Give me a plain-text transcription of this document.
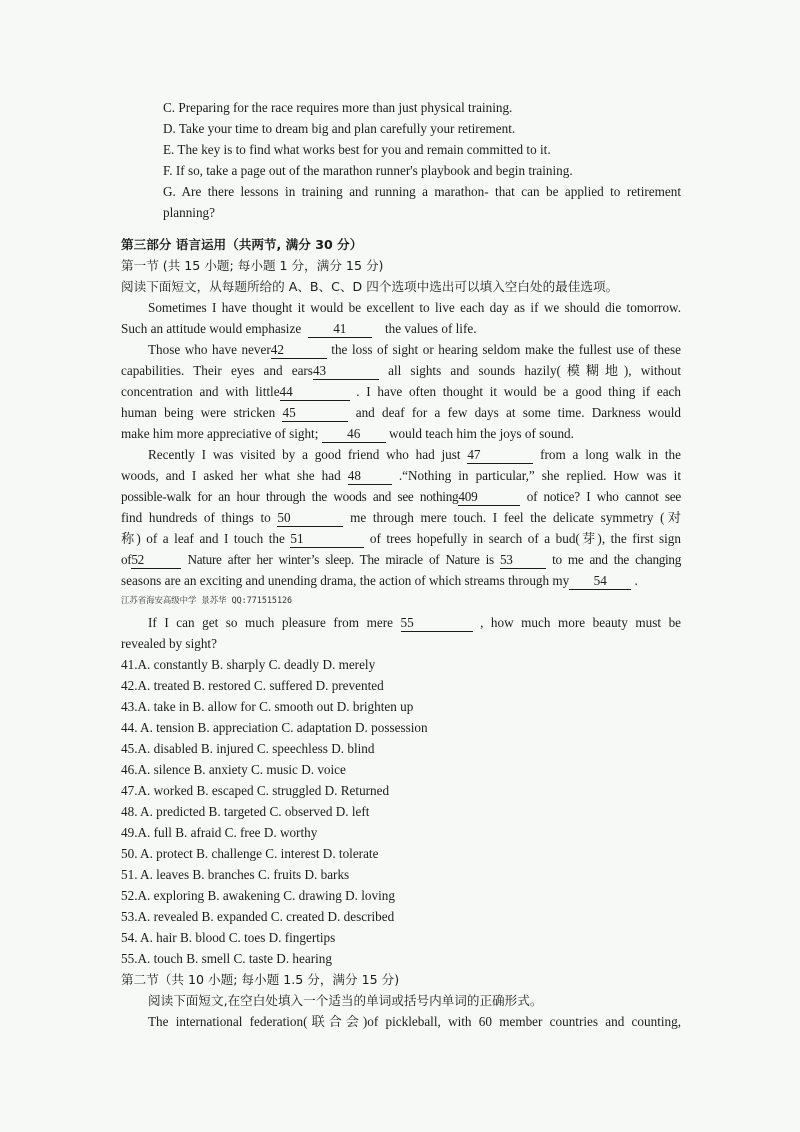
C. Preparing for the race requires more than just physical training.
D. Take your time to dream big and plan carefully your retirement.
E. The key is to find what works best for you and remain committed to it.
F. If so, take a page out of the marathon runner's playbook and begin training.
G. Are there lessons in training and running a marathon- that can be applied to retirement
planning?
第三部分 语言运用（共两节, 满分 30 分）
第一节 (共 15 小题; 每小题 1 分，满分 15 分)
阅读下面短文，从每题所给的 A、B、C、D 四个选项中选出可以填入空白处的最佳选项。
Sometimes I have thought it would be excellent to live each day as if we should die tomorrow.
Such an attitude would emphasize 41	the values of life.
Those who have never42	the loss of sight or hearing seldom make the fullest use of these
capabilities. Their eyes and ears43	all sights and sounds hazily(模糊地), without
concentration and with little44	. I have often thought it would be a good thing if each
human being were stricken 45	and deaf for a few days at some time. Darkness would
make him more appreciative of sight; 46 would teach him the joys of sound.
Recently I was visited by a good friend who had just 47	from a long walk in the
woods, and I asked her what she had 48	.“Nothing in particular,” she replied. How was it
possible-walk for an hour through the woods and see nothing409	of notice? I who cannot see
find hundreds of things to 50	me through mere touch. I feel the delicate symmetry (对
称) of a leaf and I touch the 51	of trees hopefully in search of a bud(芽), the first sign
of52	Nature after her winter’s sleep. The miracle of Nature is 53	to me and the changing
seasons are an exciting and unending drama, the action of which streams through my 54 .
江苏省海安高级中学 景苏华 QQ:771515126
If I can get so much pleasure from mere 55	, how much more beauty must be
revealed by sight?
41.A. constantly B. sharply C. deadly D. merely
42.A. treated B. restored C. suffered D. prevented
43.A. take in B. allow for C. smooth out D. brighten up
44. A. tension B. appreciation C. adaptation D. possession
45.A. disabled B. injured C. speechless D. blind
46.A. silence B. anxiety C. music D. voice
47.A. worked B. escaped C. struggled D. Returned
48. A. predicted B. targeted C. observed D. left
49.A. full B. afraid C. free D. worthy
50. A. protect B. challenge C. interest D. tolerate
51. A. leaves B. branches C. fruits D. barks
52.A. exploring B. awakening C. drawing D. loving
53.A. revealed B. expanded C. created D. described
54. A. hair B. blood C. toes D. fingertips
55.A. touch B. smell C. taste D. hearing
第二节（共 10 小题; 每小题 1.5 分，满分 15 分)
阅读下面短文,在空白处填入一个适当的单词或括号内单词的正确形式。
The international federation(联合会)of pickleball, with 60 member countries and counting,
